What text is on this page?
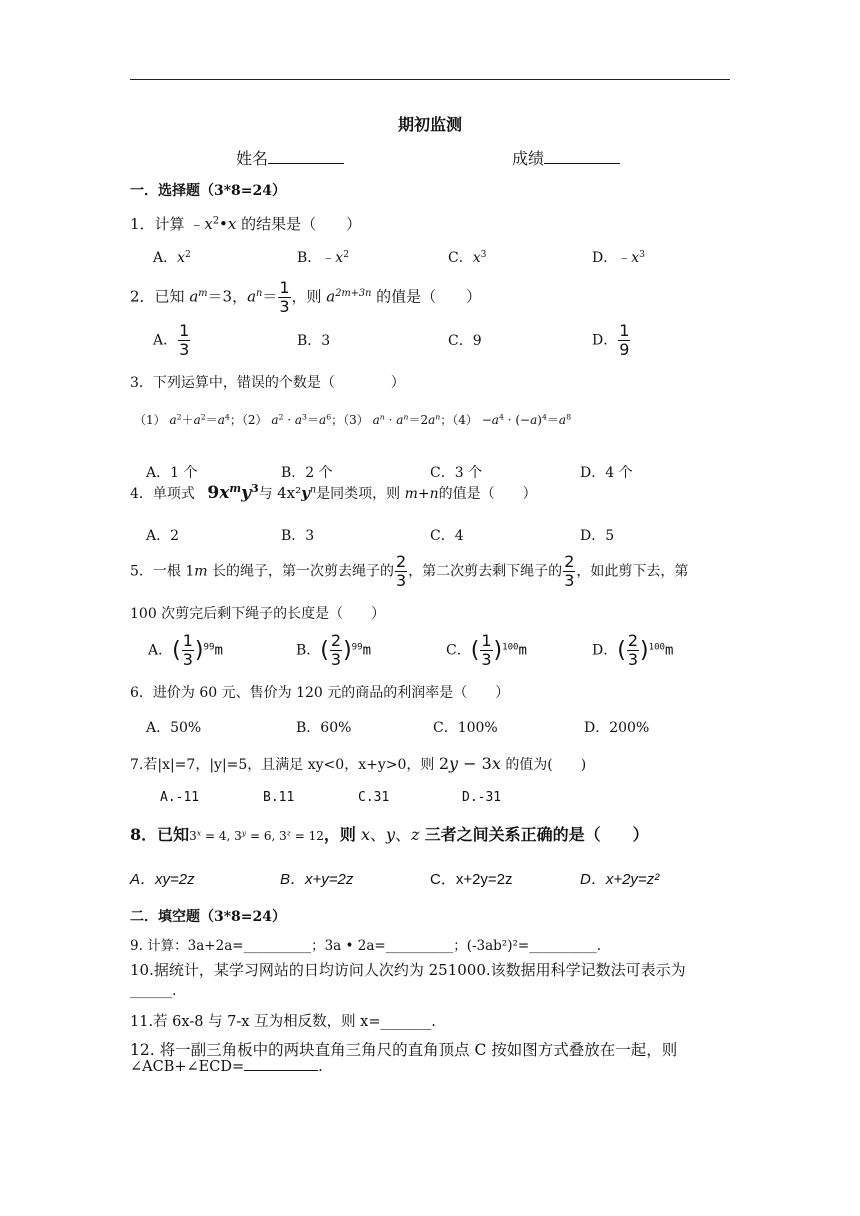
期初监测
姓名	成绩
一．选择题（3*8=24）
1．计算 $﹣x^2•x$ 的结果是（　　）
A．$x^2$	B．$﹣x^2$	C．$x^3$	D．$﹣x^3$
2．已知 $a^m=3$，$a^n= \frac{1}{3}$ ，则 $a^{2m+3n}$ 的值是（　　）
A． $\frac{1}{3}$	B．3	C．9	D． $\frac{1}{9}$
3．下列运算中，错误的个数是（　　　　）
（1） $a^2+a^2=a^4$；（2） $a^2 \cdot a^3=a^6$；（3） $a^n \cdot a^n=2a^n$；$(4) -a^4 \cdot (-a)^4=a^8$
A．1 个	B．2 个	C．3 个	D．4 个
4．单项式 $9x^my^3$与 $4x^2y^n$是同类项，则 m+n的值是（　　）
A．2	B．3	C．4	D．5
5．一根 1m 长的绳子，第一次剪去绳子的 $\frac{2}{3}$ ，第二次剪去剩下绳子的 $\frac{2}{3}$ ，如此剪下去，第
100 次剪完后剩下绳子的长度是（　　）
A．( $\frac{1}{3} )^{99}m$	B．( $\frac{2}{3} )^{99}m$	C．( $\frac{1}{3} )^{100}m$	D．( $\frac{2}{3} )^{100}m$
6．进价为 60 元、售价为 120 元的商品的利润率是（　　）
A．50%	B．60%	C．100%	D．200%
7.若|x|=7，|y|=5，且满足 xy<0，x+y>0，则 2y − 3x 的值为(　　)
A.-11	B.11	C.31	D.-31
8．已知$3^x = 4$, $3^y = 6$, $3^z = 12$，则 x、y、z 三者之间关系正确的是（　　）
A．xy=2z	B．x+y=2z	C．x+2y=2z	D．x+2y=z²
二．填空题（3*8=24）
9. 计算：3a+2a=__________；3a • 2a=__________；(-3ab²)²=__________.
10.据统计，某学习网站的日均访问人次约为 251000.该数据用科学记数法可表示为
______.
11.若 6x-8 与 7-x 互为相反数，则 x=_______.
12. 将一副三角板中的两块直角三角尺的直角顶点 C 按如图方式叠放在一起，则
∠ACB+∠ECD=	.
